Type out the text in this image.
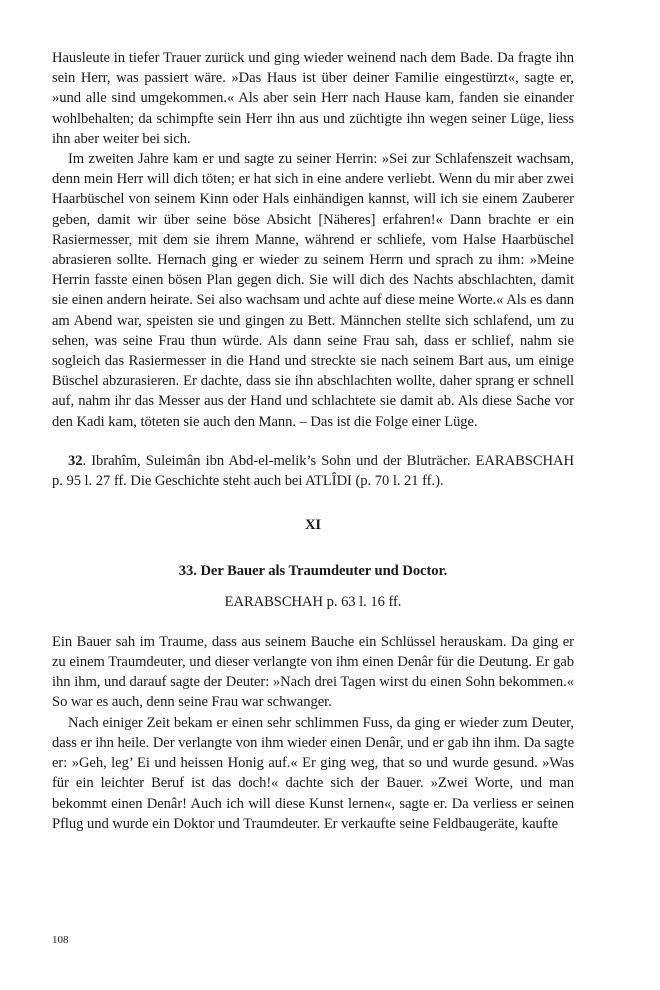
Hausleute in tiefer Trauer zurück und ging wieder weinend nach dem Bade. Da fragte ihn sein Herr, was passiert wäre. »Das Haus ist über deiner Familie eingestürzt«, sagte er, »und alle sind umgekommen.« Als aber sein Herr nach Hause kam, fanden sie einander wohlbehalten; da schimpfte sein Herr ihn aus und züchtigte ihn wegen seiner Lüge, liess ihn aber weiter bei sich.

Im zweiten Jahre kam er und sagte zu seiner Herrin: »Sei zur Schlafenszeit wachsam, denn mein Herr will dich töten; er hat sich in eine andere verliebt. Wenn du mir aber zwei Haarbüschel von seinem Kinn oder Hals einhändigen kannst, will ich sie einem Zauberer geben, damit wir über seine böse Absicht [Näheres] erfahren!« Dann brachte er ein Rasiermesser, mit dem sie ihrem Manne, während er schliefe, vom Halse Haarbüschel abrasieren sollte. Hernach ging er wieder zu seinem Herrn und sprach zu ihm: »Meine Herrin fasste einen bösen Plan gegen dich. Sie will dich des Nachts abschlachten, damit sie einen andern heirate. Sei also wachsam und achte auf diese meine Worte.« Als es dann am Abend war, speisten sie und gingen zu Bett. Männchen stellte sich schlafend, um zu sehen, was seine Frau thun würde. Als dann seine Frau sah, dass er schlief, nahm sie sogleich das Rasiermesser in die Hand und streckte sie nach seinem Bart aus, um einige Büschel abzurasieren. Er dachte, dass sie ihn abschlachten wollte, daher sprang er schnell auf, nahm ihr das Messer aus der Hand und schlachtete sie damit ab. Als diese Sache vor den Kadi kam, töteten sie auch den Mann. – Das ist die Folge einer Lüge.

32. Ibrahîm, Suleimân ibn Abd-el-melik’s Sohn und der Bluträcher. EARABSCHAH p. 95 l. 27 ff. Die Geschichte steht auch bei ATLÎDI (p. 70 l. 21 ff.).

XI

33. Der Bauer als Traumdeuter und Doctor.

EARABSCHAH p. 63 l. 16 ff.

Ein Bauer sah im Traume, dass aus seinem Bauche ein Schlüssel herauskam. Da ging er zu einem Traumdeuter, und dieser verlangte von ihm einen Denâr für die Deutung. Er gab ihn ihm, und darauf sagte der Deuter: »Nach drei Tagen wirst du einen Sohn bekommen.« So war es auch, denn seine Frau war schwanger.

Nach einiger Zeit bekam er einen sehr schlimmen Fuss, da ging er wieder zum Deuter, dass er ihn heile. Der verlangte von ihm wieder einen Denâr, und er gab ihn ihm. Da sagte er: »Geh, leg’ Ei und heissen Honig auf.« Er ging weg, that so und wurde gesund. »Was für ein leichter Beruf ist das doch!« dachte sich der Bauer. »Zwei Worte, und man bekommt einen Denâr! Auch ich will diese Kunst lernen«, sagte er. Da verliess er seinen Pflug und wurde ein Doktor und Traumdeuter. Er verkaufte seine Feldbaugeräte, kaufte

108
